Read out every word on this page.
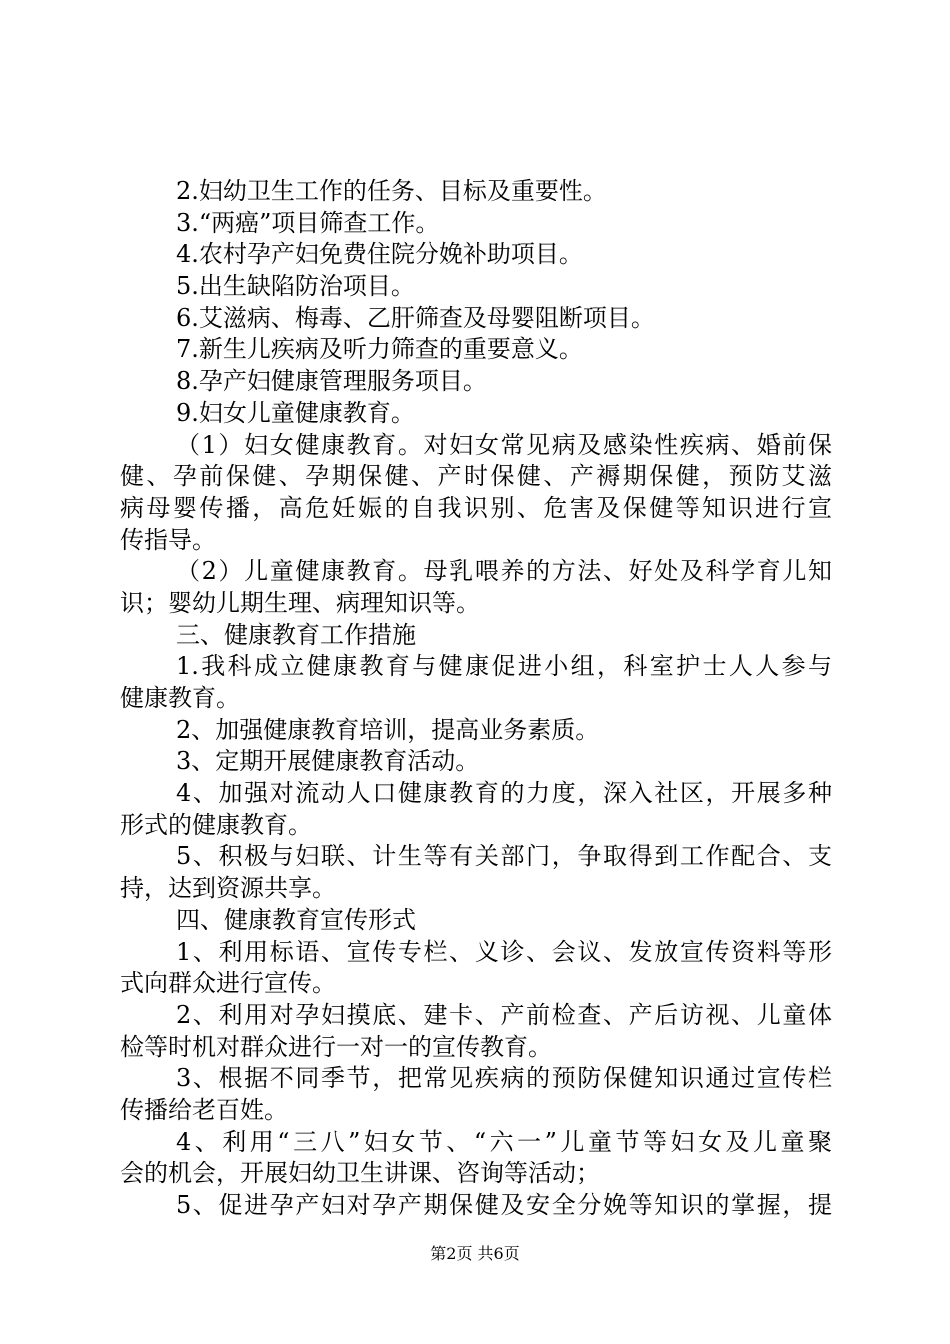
2.妇幼卫生工作的任务、目标及重要性。
3.“两癌”项目筛查工作。
4.农村孕产妇免费住院分娩补助项目。
5.出生缺陷防治项目。
6.艾滋病、梅毒、乙肝筛查及母婴阻断项目。
7.新生儿疾病及听力筛查的重要意义。
8.孕产妇健康管理服务项目。
9.妇女儿童健康教育。
（1）妇女健康教育。对妇女常见病及感染性疾病、婚前保
健、孕前保健、孕期保健、产时保健、产褥期保健，预防艾滋
病母婴传播，高危妊娠的自我识别、危害及保健等知识进行宣
传指导。
（2）儿童健康教育。母乳喂养的方法、好处及科学育儿知
识；婴幼儿期生理、病理知识等。
三、健康教育工作措施
1.我科成立健康教育与健康促进小组，科室护士人人参与
健康教育。
2、加强健康教育培训，提高业务素质。
3、定期开展健康教育活动。
4、加强对流动人口健康教育的力度，深入社区，开展多种
形式的健康教育。
5、积极与妇联、计生等有关部门，争取得到工作配合、支
持，达到资源共享。
四、健康教育宣传形式
1、利用标语、宣传专栏、义诊、会议、发放宣传资料等形
式向群众进行宣传。
2、利用对孕妇摸底、建卡、产前检查、产后访视、儿童体
检等时机对群众进行一对一的宣传教育。
3、根据不同季节，把常见疾病的预防保健知识通过宣传栏
传播给老百姓。
4、利用“三八”妇女节、“六一”儿童节等妇女及儿童聚
会的机会，开展妇幼卫生讲课、咨询等活动；
5、促进孕产妇对孕产期保健及安全分娩等知识的掌握，提
第2页 共6页
